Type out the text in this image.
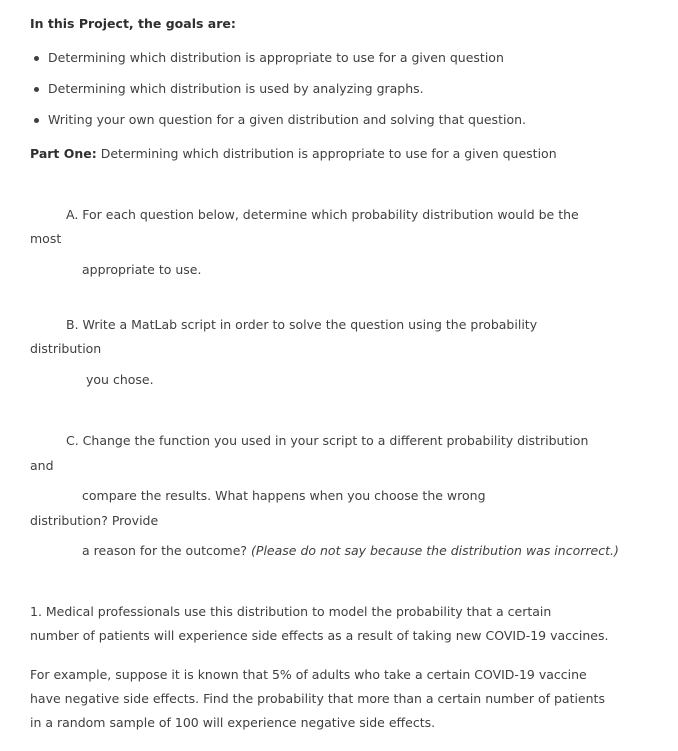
In this Project, the goals are:
Determining which distribution is appropriate to use for a given question
Determining which distribution is used by analyzing graphs.
Writing your own question for a given distribution and solving that question.
Part One: Determining which distribution is appropriate to use for a given question
A. For each question below, determine which probability distribution would be the
most
appropriate to use.
B. Write a MatLab script in order to solve the question using the probability
distribution
you chose.
C. Change the function you used in your script to a different probability distribution
and
compare the results. What happens when you choose the wrong
distribution? Provide
a reason for the outcome? (Please do not say because the distribution was incorrect.)
1. Medical professionals use this distribution to model the probability that a certain
number of patients will experience side effects as a result of taking new COVID-19 vaccines.
For example, suppose it is known that 5% of adults who take a certain COVID-19 vaccine
have negative side effects. Find the probability that more than a certain number of patients
in a random sample of 100 will experience negative side effects.
